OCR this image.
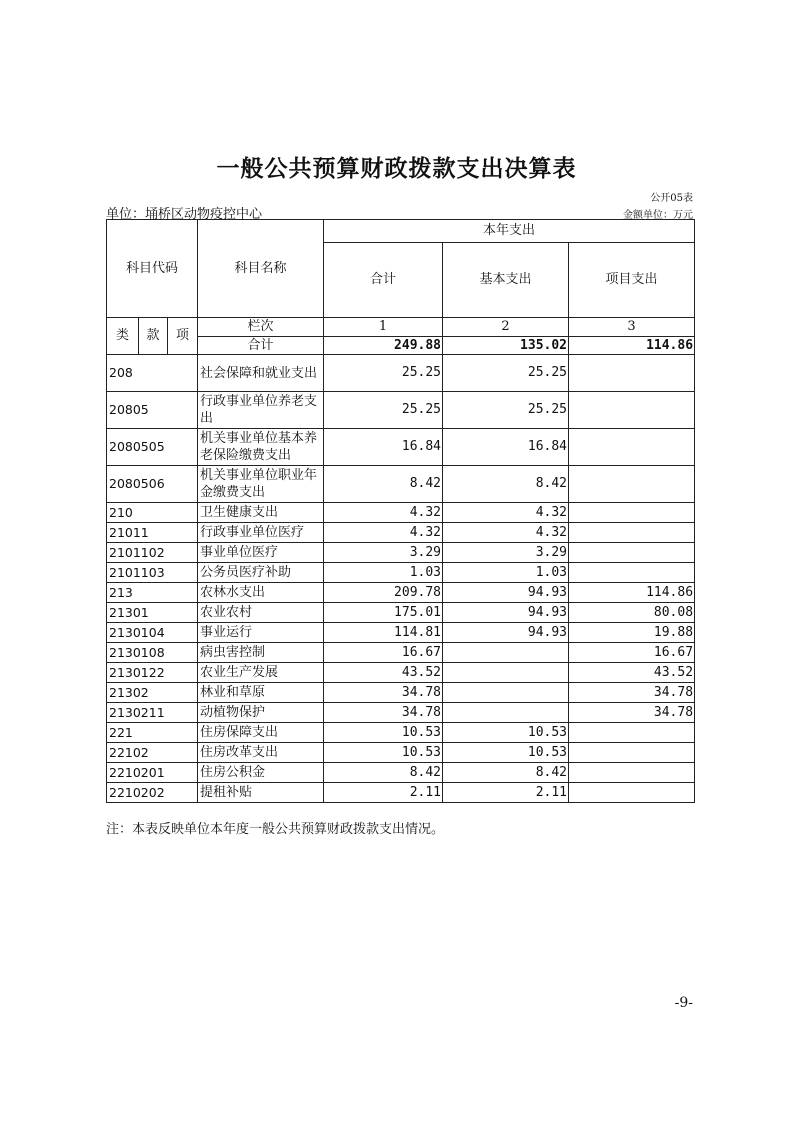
一般公共预算财政拨款支出决算表
公开05表
单位：埇桥区动物疫控中心	金额单位：万元
科目代码			科目名称	本年支出		
				合计	基本支出	项目支出
类	款	项	栏次	1	2	3
			合计	249.88	135.02	114.86
208			社会保障和就业支出	25.25	25.25	
20805			行政事业单位养老支出	25.25	25.25	
2080505			机关事业单位基本养老保险缴费支出	16.84	16.84	
2080506			机关事业单位职业年金缴费支出	8.42	8.42	
210			卫生健康支出	4.32	4.32	
21011			行政事业单位医疗	4.32	4.32	
2101102			事业单位医疗	3.29	3.29	
2101103			公务员医疗补助	1.03	1.03	
213			农林水支出	209.78	94.93	114.86
21301			农业农村	175.01	94.93	80.08
2130104			事业运行	114.81	94.93	19.88
2130108			病虫害控制	16.67		16.67
2130122			农业生产发展	43.52		43.52
21302			林业和草原	34.78		34.78
2130211			动植物保护	34.78		34.78
221			住房保障支出	10.53	10.53	
22102			住房改革支出	10.53	10.53	
2210201			住房公积金	8.42	8.42	
2210202			提租补贴	2.11	2.11	
注：本表反映单位本年度一般公共预算财政拨款支出情况。
-9-
